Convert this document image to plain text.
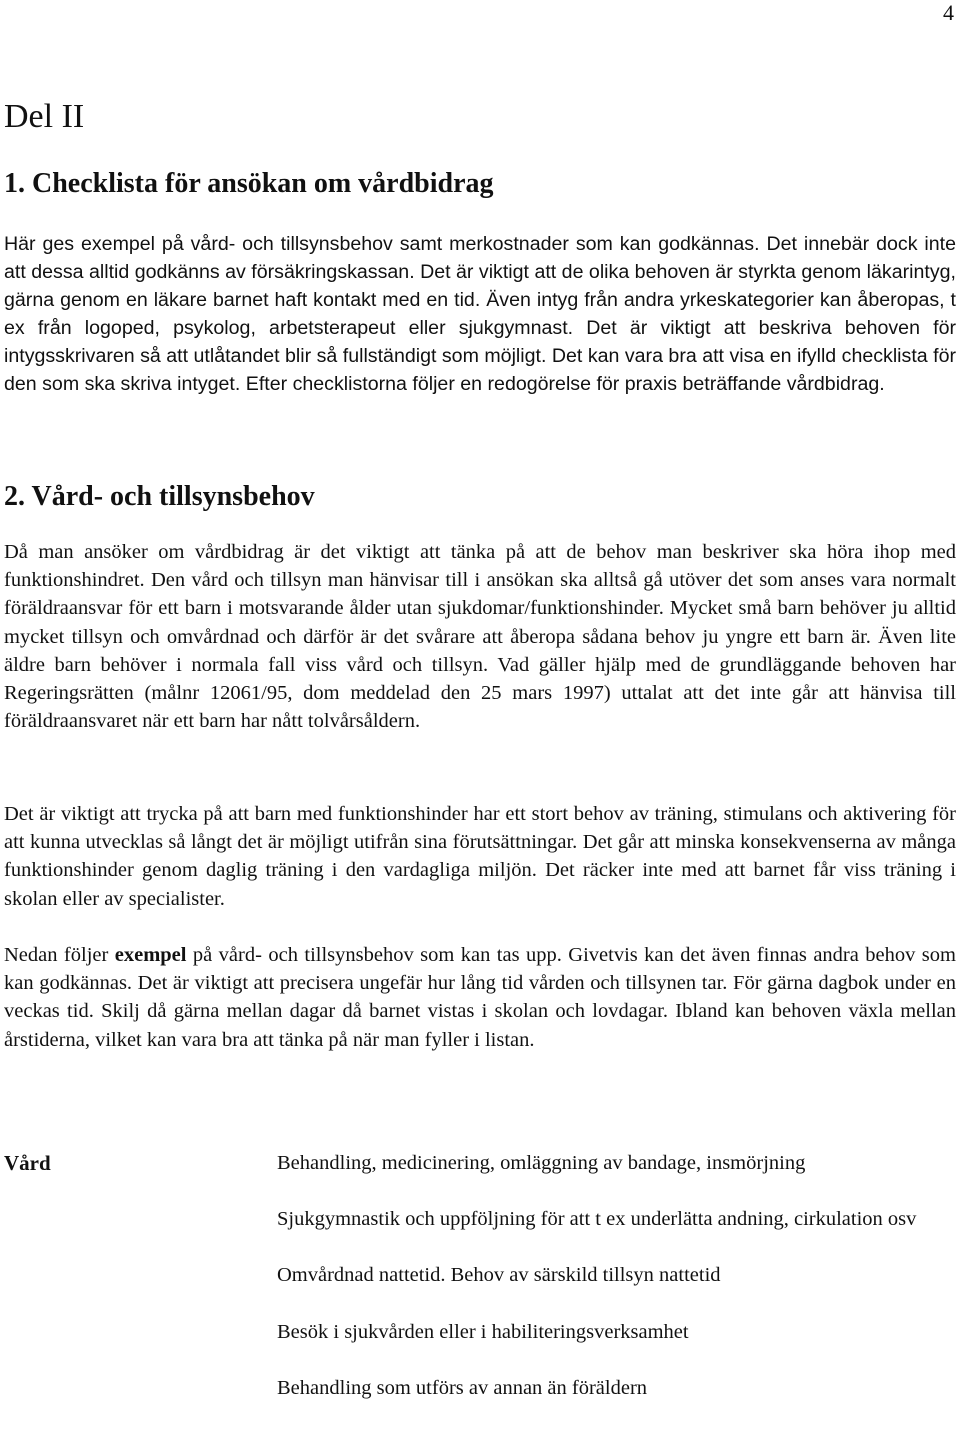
4
Del II
1. Checklista för ansökan om vårdbidrag

Här ges exempel på vård- och tillsynsbehov samt merkostnader som kan godkännas. Det innebär dock inte att dessa alltid godkänns av försäkringskassan. Det är viktigt att de olika behoven är styrkta genom läkarintyg, gärna genom en läkare barnet haft kontakt med en tid. Även intyg från andra yrkeskategorier kan åberopas, t ex från logoped, psykolog, arbetsterapeut eller sjukgymnast. Det är viktigt att beskriva behoven för intygsskrivaren så att utlåtandet blir så fullständigt som möjligt. Det kan vara bra att visa en ifylld checklista för den som ska skriva intyget. Efter checklistorna följer en redogörelse för praxis beträffande vårdbidrag.

2. Vård- och tillsynsbehov

Då man ansöker om vårdbidrag är det viktigt att tänka på att de behov man beskriver ska höra ihop med funktionshindret. Den vård och tillsyn man hänvisar till i ansökan ska alltså gå utöver det som anses vara normalt föräldraansvar för ett barn i motsvarande ålder utan sjukdomar/funktionshinder. Mycket små barn behöver ju alltid mycket tillsyn och omvårdnad och därför är det svårare att åberopa sådana behov ju yngre ett barn är. Även lite äldre barn behöver i normala fall viss vård och tillsyn. Vad gäller hjälp med de grundläggande behoven har Regeringsrätten (målnr 12061/95, dom meddelad den 25 mars 1997) uttalat att det inte går att hänvisa till föräldraansvaret när ett barn har nått tolvårsåldern.

Det är viktigt att trycka på att barn med funktionshinder har ett stort behov av träning, stimulans och aktivering för att kunna utvecklas så långt det är möjligt utifrån sina förutsättningar. Det går att minska konsekvenserna av många funktionshinder genom daglig träning i den vardagliga miljön. Det räcker inte med att barnet får viss träning i skolan eller av specialister.

Nedan följer exempel på vård- och tillsynsbehov som kan tas upp. Givetvis kan det även finnas andra behov som kan godkännas. Det är viktigt att precisera ungefär hur lång tid vården och tillsynen tar. För gärna dagbok under en veckas tid. Skilj då gärna mellan dagar då barnet vistas i skolan och lovdagar. Ibland kan behoven växla mellan årstiderna, vilket kan vara bra att tänka på när man fyller i listan.

Vård	Behandling, medicinering, omläggning av bandage, insmörjning
Sjukgymnastik och uppföljning för att t ex underlätta andning, cirkulation osv
Omvårdnad nattetid. Behov av särskild tillsyn nattetid
Besök i sjukvården eller i habiliteringsverksamhet
Behandling som utförs av annan än föräldern
